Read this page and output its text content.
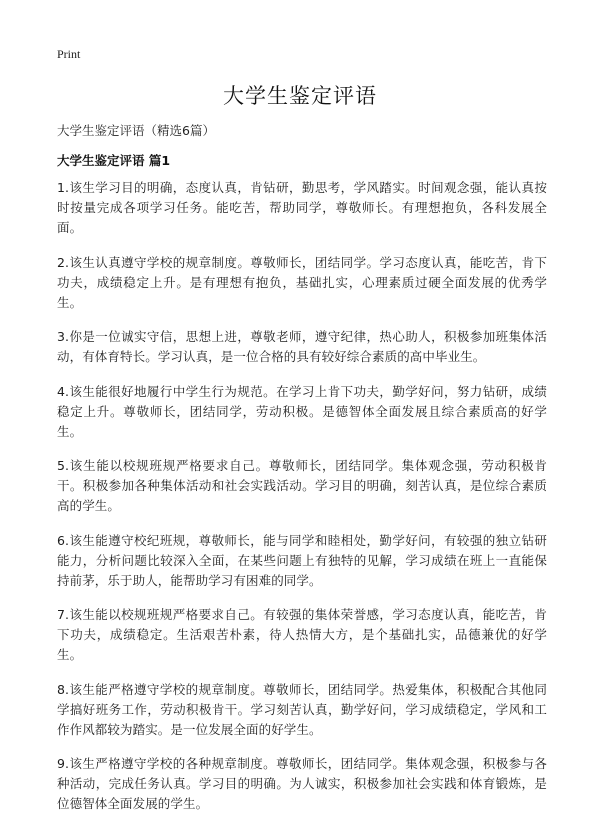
Print
大学生鉴定评语
大学生鉴定评语（精选6篇）
大学生鉴定评语 篇1

1.该生学习目的明确，态度认真，肯钻研，勤思考，学风踏实。时间观念强，能认真按时按量完成各项学习任务。能吃苦，帮助同学，尊敬师长。有理想抱负，各科发展全面。

2.该生认真遵守学校的规章制度。尊敬师长，团结同学。学习态度认真，能吃苦，肯下功夫，成绩稳定上升。是有理想有抱负，基础扎实，心理素质过硬全面发展的优秀学生。

3.你是一位诚实守信，思想上进，尊敬老师，遵守纪律，热心助人，积极参加班集体活动，有体育特长。学习认真，是一位合格的具有较好综合素质的高中毕业生。

4.该生能很好地履行中学生行为规范。在学习上肯下功夫，勤学好问，努力钻研，成绩稳定上升。尊敬师长，团结同学，劳动积极。是德智体全面发展且综合素质高的好学生。

5.该生能以校规班规严格要求自己。尊敬师长，团结同学。集体观念强，劳动积极肯干。积极参加各种集体活动和社会实践活动。学习目的明确，刻苦认真，是位综合素质高的学生。

6.该生能遵守校纪班规，尊敬师长，能与同学和睦相处，勤学好问，有较强的独立钻研能力，分析问题比较深入全面，在某些问题上有独特的见解，学习成绩在班上一直能保持前茅，乐于助人，能帮助学习有困难的同学。

7.该生能以校规班规严格要求自己。有较强的集体荣誉感，学习态度认真，能吃苦，肯下功夫，成绩稳定。生活艰苦朴素，待人热情大方，是个基础扎实，品德兼优的好学生。

8.该生能严格遵守学校的规章制度。尊敬师长，团结同学。热爱集体，积极配合其他同学搞好班务工作，劳动积极肯干。学习刻苦认真，勤学好问，学习成绩稳定，学风和工作作风都较为踏实。是一位发展全面的好学生。

9.该生严格遵守学校的各种规章制度。尊敬师长，团结同学。集体观念强，积极参与各种活动，完成任务认真。学习目的明确。为人诚实，积极参加社会实践和体育锻炼，是位德智体全面发展的学生。
